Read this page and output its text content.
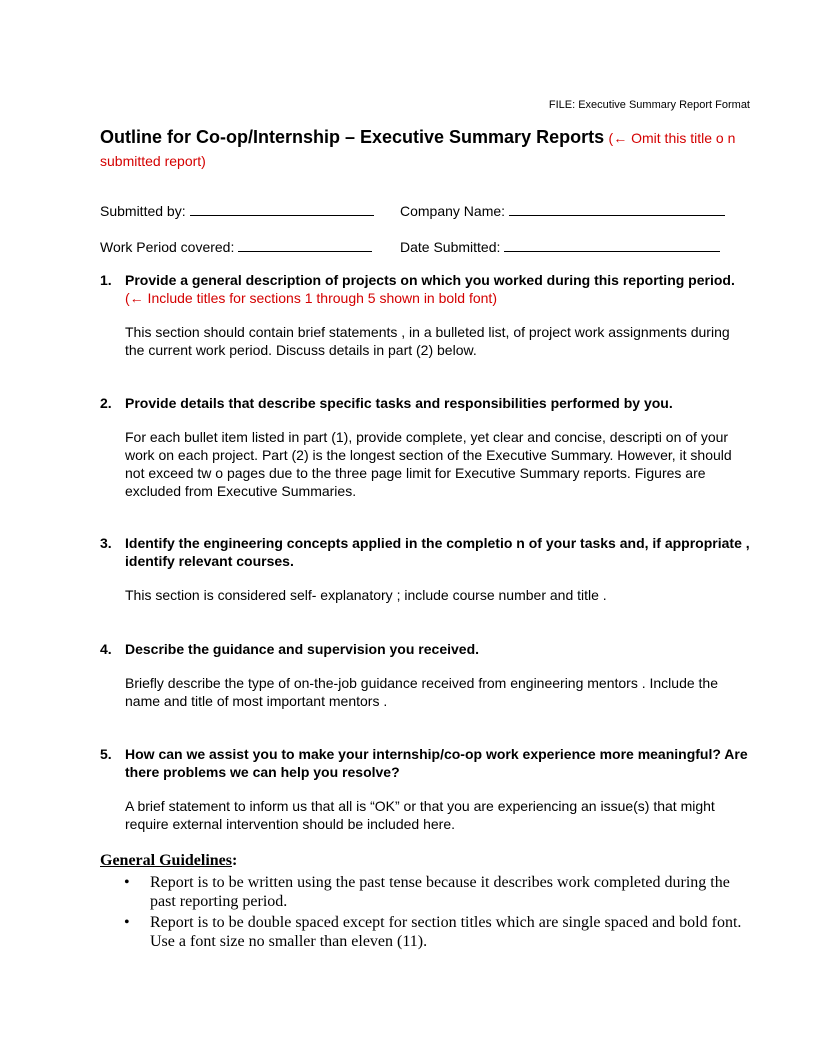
FILE: Executive Summary Report Format
Outline for Co-op/Internship – Executive Summary Reports (← Omit this title o n submitted report)
Submitted by:	Company Name:
Work Period covered:	Date Submitted:
1. Provide a general description of projects on which you worked during this reporting period. (← Include titles for sections 1 through 5 shown in bold font)
This section should contain brief statements , in a bulleted list, of project work assignments during the current work period. Discuss details in part (2) below.
2. Provide details that describe specific tasks and responsibilities performed by you.
For each bullet item listed in part (1), provide complete, yet clear and concise, descripti on of your work on each project. Part (2) is the longest section of the Executive Summary. However, it should not exceed tw o pages due to the three page limit for Executive Summary reports. Figures are excluded from Executive Summaries.
3. Identify the engineering concepts applied in the completio n of your tasks and, if appropriate , identify relevant courses.
This section is considered self- explanatory ; include course number and title .
4. Describe the guidance and supervision you received.
Briefly describe the type of on-the-job guidance received from engineering mentors . Include the name and title of most important mentors .
5. How can we assist you to make your internship/co-op work experience more meaningful? Are there problems we can help you resolve?
A brief statement to inform us that all is “OK” or that you are experiencing an issue(s) that might require external intervention should be included here.
General Guidelines:
•	Report is to be written using the past tense because it describes work completed during the past reporting period.
•	Report is to be double spaced except for section titles which are single spaced and bold font. Use a font size no smaller than eleven (11).
